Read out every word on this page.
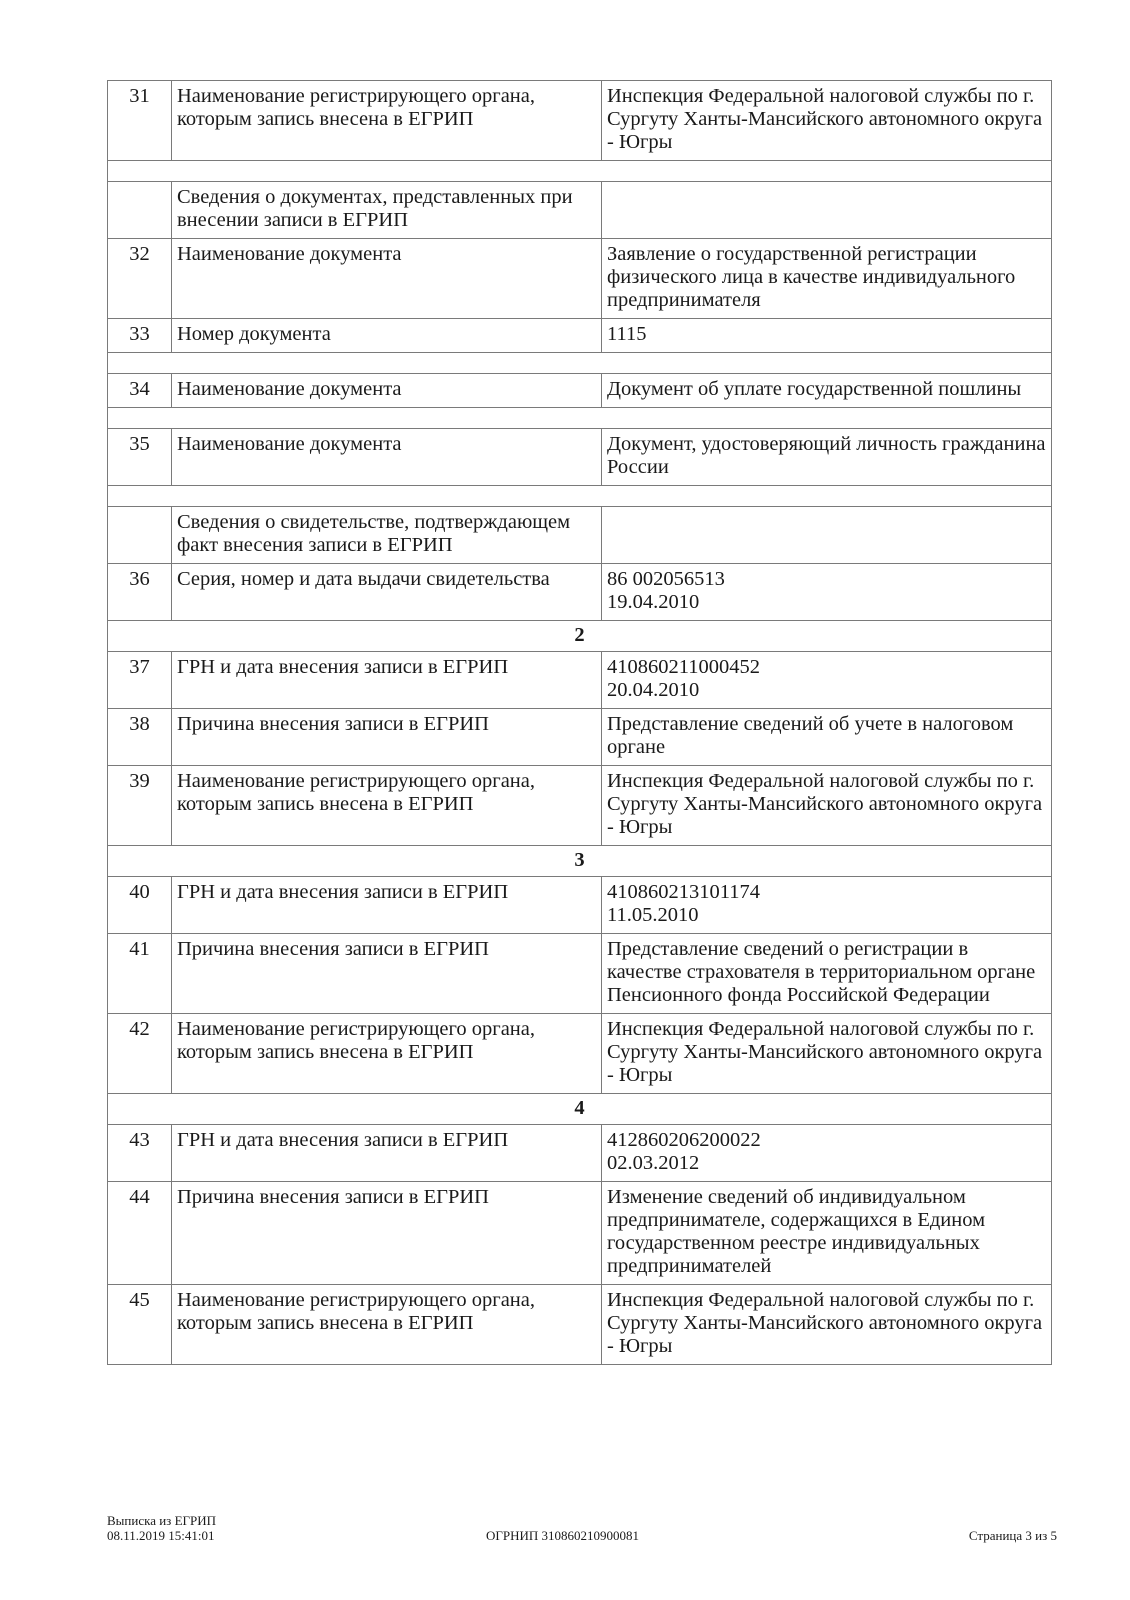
31	Наименование регистрирующего органа, которым запись внесена в ЕГРИП	Инспекция Федеральной налоговой службы по г. Сургуту Ханты-Мансийского автономного округа - Югры

	Сведения о документах, представленных при внесении записи в ЕГРИП	
32	Наименование документа	Заявление о государственной регистрации физического лица в качестве индивидуального предпринимателя
33	Номер документа	1115

34	Наименование документа	Документ об уплате государственной пошлины

35	Наименование документа	Документ, удостоверяющий личность гражданина России

	Сведения о свидетельстве, подтверждающем факт внесения записи в ЕГРИП	
36	Серия, номер и дата выдачи свидетельства	86 002056513
19.04.2010

2		
37	ГРН и дата внесения записи в ЕГРИП	410860211000452
20.04.2010

38	Причина внесения записи в ЕГРИП	Представление сведений об учете в налоговом органе
39	Наименование регистрирующего органа, которым запись внесена в ЕГРИП	Инспекция Федеральной налоговой службы по г. Сургуту Ханты-Мансийского автономного округа - Югры
3		
40	ГРН и дата внесения записи в ЕГРИП	410860213101174
11.05.2010

41	Причина внесения записи в ЕГРИП	Представление сведений о регистрации в качестве страхователя в территориальном органе Пенсионного фонда Российской Федерации
42	Наименование регистрирующего органа, которым запись внесена в ЕГРИП	Инспекция Федеральной налоговой службы по г. Сургуту Ханты-Мансийского автономного округа - Югры
4		
43	ГРН и дата внесения записи в ЕГРИП	412860206200022
02.03.2012

44	Причина внесения записи в ЕГРИП	Изменение сведений об индивидуальном предпринимателе, содержащихся в Едином государственном реестре индивидуальных предпринимателей
45	Наименование регистрирующего органа, которым запись внесена в ЕГРИП	Инспекция Федеральной налоговой службы по г. Сургуту Ханты-Мансийского автономного округа - Югры
Выписка из ЕГРИП
08.11.2019 15:41:01	ОГРНИП 310860210900081	Страница 3 из 5
